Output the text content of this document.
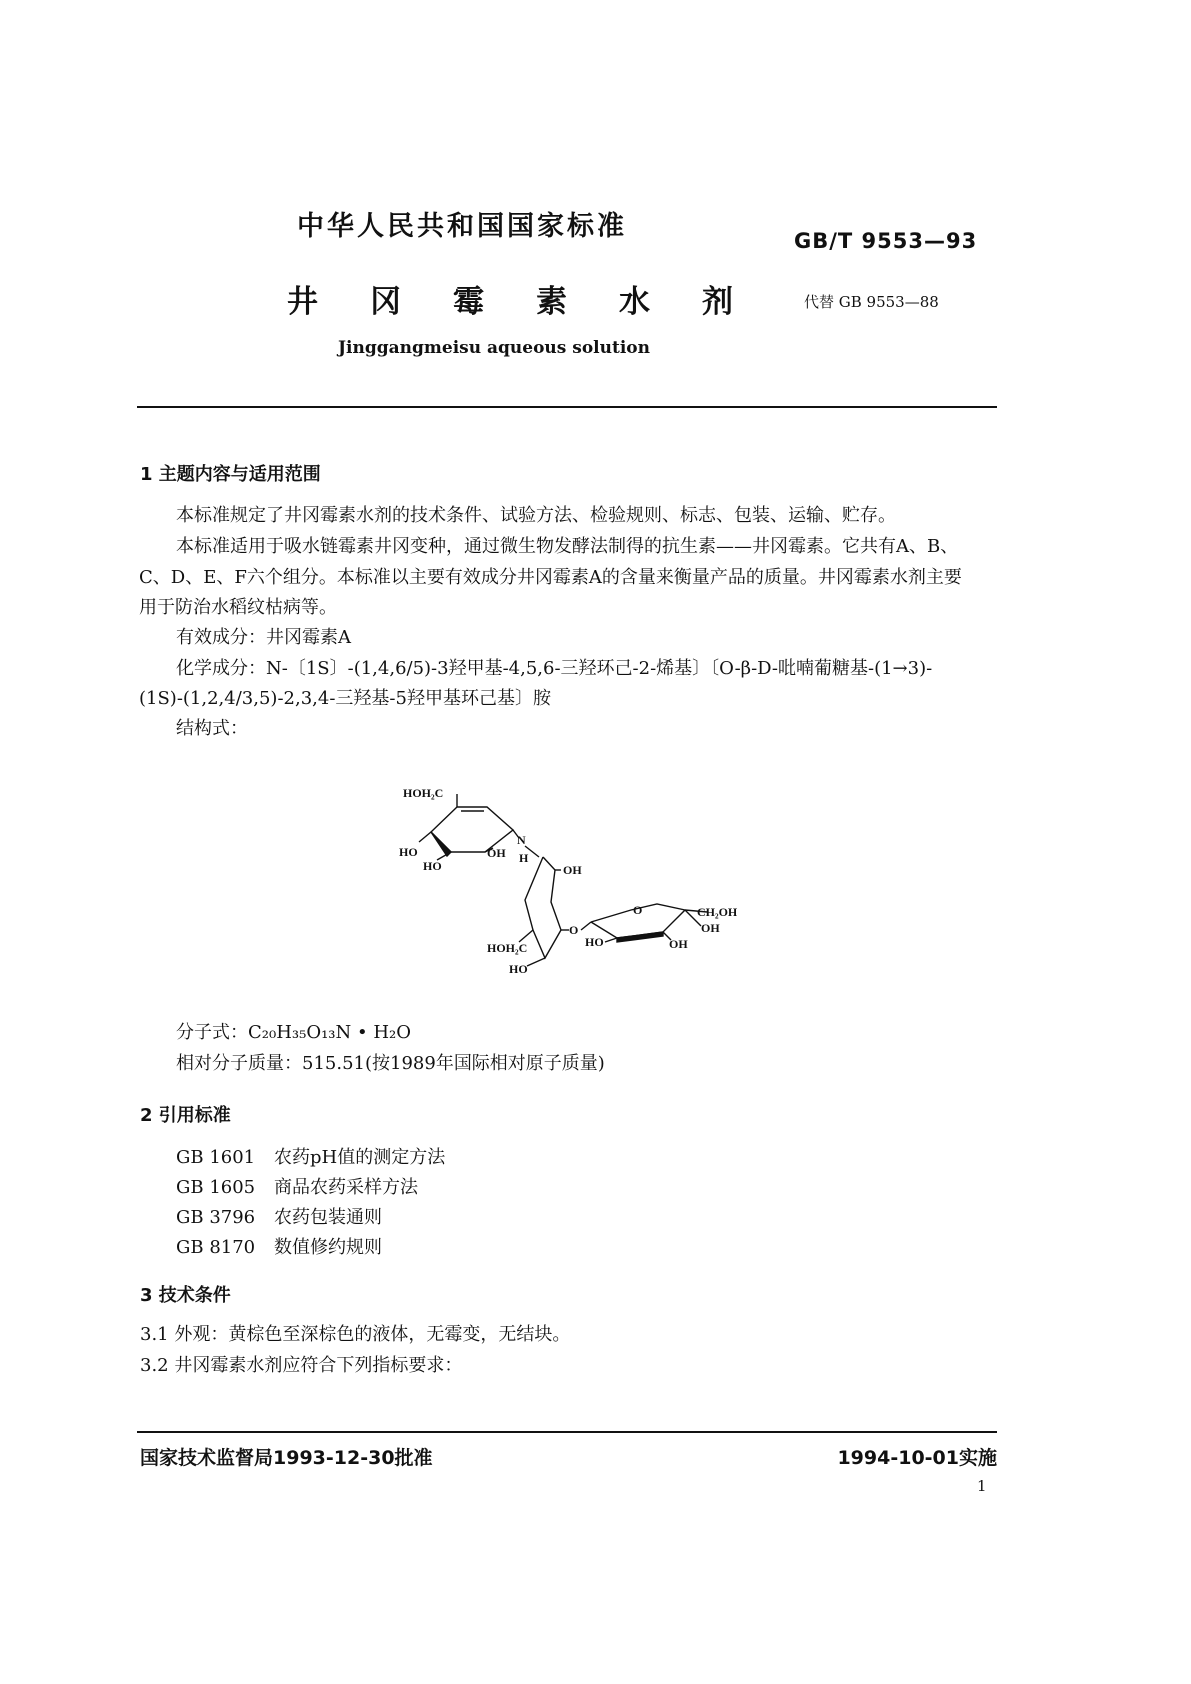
中华人民共和国国家标准	GB/T 9553—93
井冈霉素水剂 代替 GB 9553—88
Jinggangmeisu aqueous solution
1 主题内容与适用范围
本标准规定了井冈霉素水剂的技术条件、试验方法、检验规则、标志、包装、运输、贮存。
本标准适用于吸水链霉素井冈变种，通过微生物发酵法制得的抗生素——井冈霉素。它共有A、B、
C、D、E、F六个组分。本标准以主要有效成分井冈霉素A的含量来衡量产品的质量。井冈霉素水剂主要
用于防治水稻纹枯病等。
有效成分：井冈霉素A
化学成分：N-〔1S〕-(1,4,6/5)-3羟甲基-4,5,6-三羟环己-2-烯基〕〔O-β-D-吡喃葡糖基-(1→3)-
(1S)-(1,2,4/3,5)-2,3,4-三羟基-5羟甲基环己基〕胺
结构式：
HOH₂C
N
H
HO
HO
OH
OH
O
HOH₂C
HO
O	CH₂OH
OH
HO	OH
分子式：C₂₀H₃₅O₁₃N • H₂O
相对分子质量：515.51(按1989年国际相对原子质量)
2 引用标准
GB 1601 农药pH值的测定方法
GB 1605 商品农药采样方法
GB 3796 农药包装通则
GB 8170 数值修约规则
3 技术条件
3.1 外观：黄棕色至深棕色的液体，无霉变，无结块。
3.2 井冈霉素水剂应符合下列指标要求：
国家技术监督局1993-12-30批准	1994-10-01实施
1
